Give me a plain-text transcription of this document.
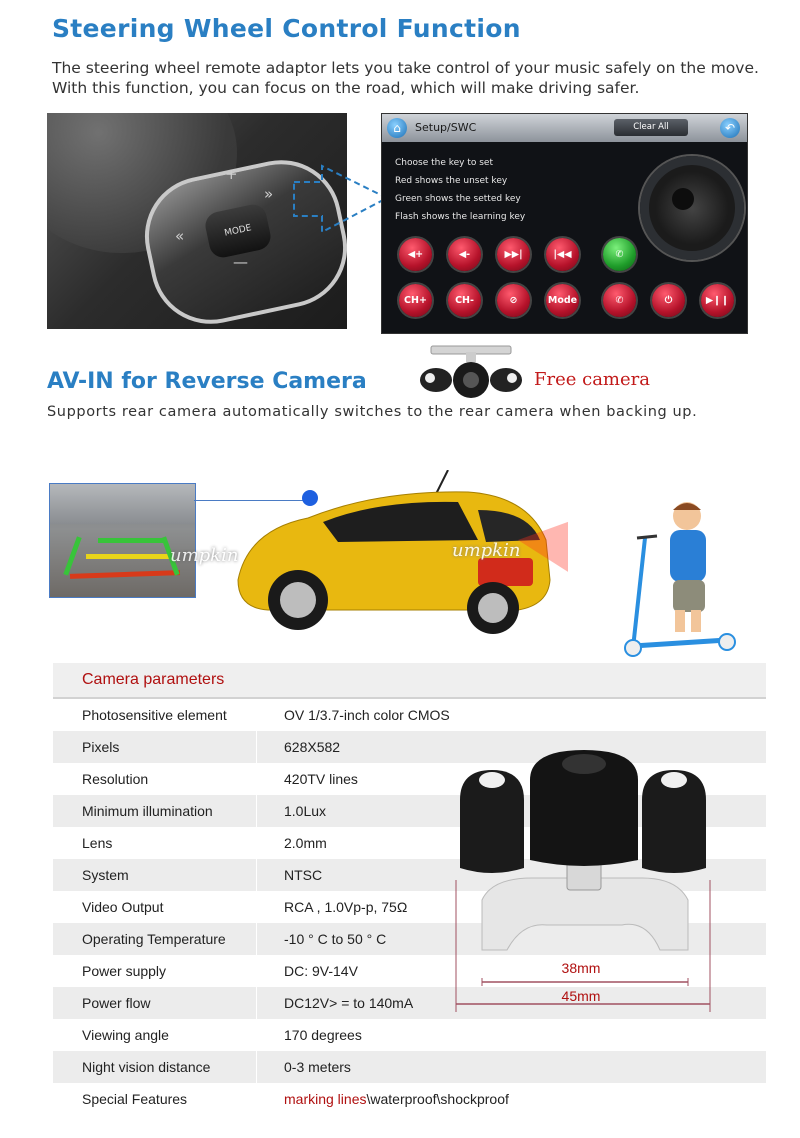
Steering Wheel Control Function
The steering wheel remote adaptor lets you take control of your music safely on the move.
With this function, you can focus on the road, which will make driving safer.
MODE
+
—
«
»
⌂	Setup/SWC	Clear All	↶
Choose the key to set
Red shows the unset key
Green shows the setted key
Flash shows the learning key
◀+	◀-	▶▶|	|◀◀	✆
CH+	CH-	⊘	Mode	✆	⏻	▶❙❙
AV-IN for Reverse Camera	Free camera
Supports rear camera automatically switches to the rear camera when backing up.
umpkin	umpkin
Camera parameters
Photosensitive element	OV 1/3.7-inch color CMOS
Pixels	628X582
Resolution	420TV lines
Minimum illumination	1.0Lux
Lens	2.0mm
System	NTSC
Video Output	RCA , 1.0Vp-p, 75Ω
Operating Temperature	-10 ° C to 50 ° C
Power supply	DC: 9V-14V
Power flow	DC12V> = to 140mA
Viewing angle	170 degrees
Night vision distance	0-3 meters
Special Features	marking lines\waterproof\shockproof
38mm
45mm
